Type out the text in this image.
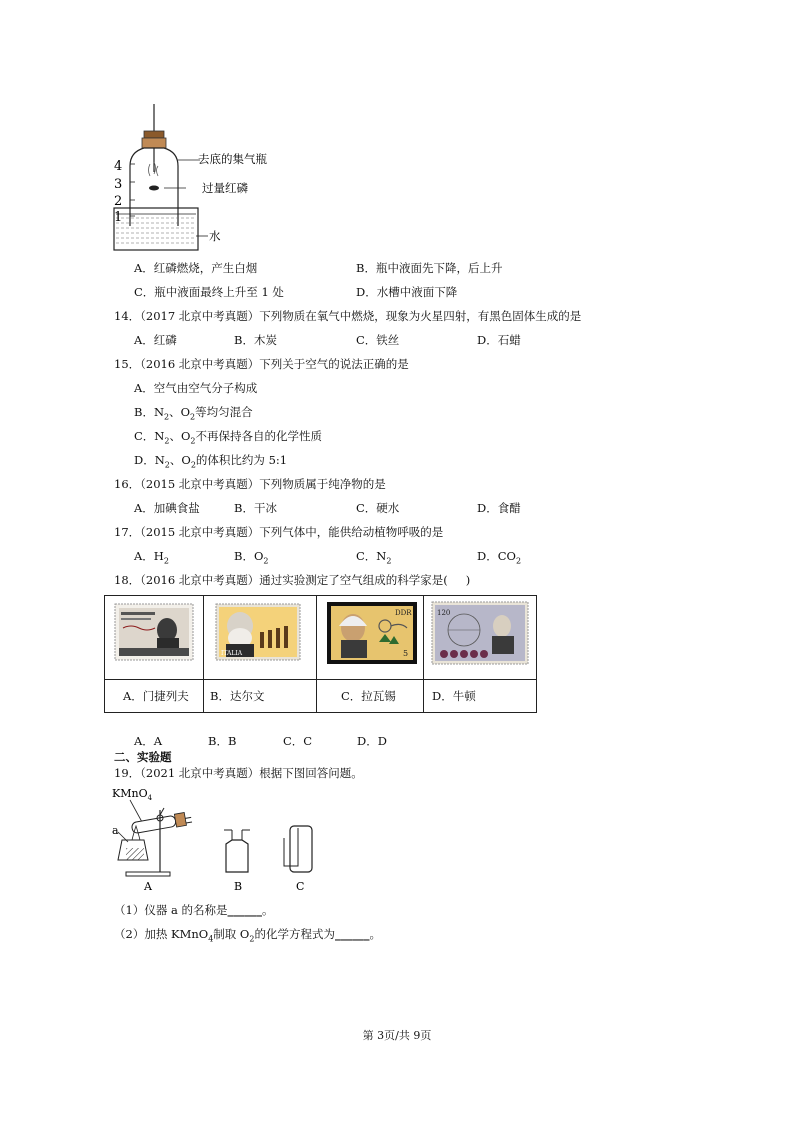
4
3
2
1
去底的集气瓶
过量红磷
水
A．红磷燃烧，产生白烟	B．瓶中液面先下降，后上升
C．瓶中液面最终上升至 1 处	D．水槽中液面下降
14．（2017 北京中考真题）下列物质在氧气中燃烧，现象为火星四射，有黑色固体生成的是
A．红磷	B．木炭	C．铁丝	D．石蜡
15．（2016 北京中考真题）下列关于空气的说法正确的是
A．空气由空气分子构成
B．$N_2$、$O_2$等均匀混合
C．$N_2$、$O_2$不再保持各自的化学性质
D．$N_2$、$O_2$的体积比约为 5:1
16．（2015 北京中考真题）下列物质属于纯净物的是
A．加碘食盐	B．干冰	C．硬水	D．食醋
17．（2015 北京中考真题）下列气体中，能供给动植物呼吸的是
A．$H_2$	B．$O_2$	C．$N_2$	D．$CO_2$
18．（2016 北京中考真题）通过实验测定了空气组成的科学家是( )

ITALIA	DDR
5	120

A．门捷列夫	B．达尔文	C．拉瓦锡	D．牛顿
A．A	B．B	C．C	D．D
二、实验题
19．（2021 北京中考真题）根据下图回答问题。
KMnO$_4$
a
A	B	C
（1）仪器 a 的名称是______。
（2）加热 KMnO$_4$制取 $O_2$的化学方程式为______。
第 3页/共 9页
